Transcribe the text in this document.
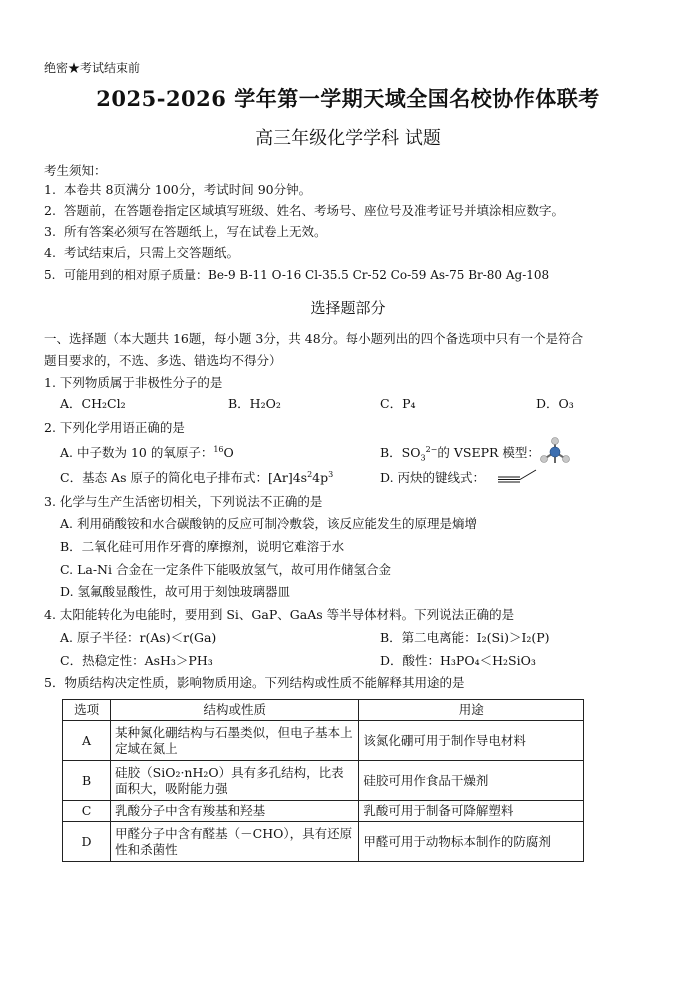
绝密★考试结束前
2025-2026 学年第一学期天域全国名校协作体联考
高三年级化学学科 试题
考生须知：
1. 本卷共 8页满分 100分，考试时间 90分钟。
2. 答题前，在答题卷指定区域填写班级、姓名、考场号、座位号及准考证号并填涂相应数字。
3. 所有答案必须写在答题纸上，写在试卷上无效。
4. 考试结束后，只需上交答题纸。
5. 可能用到的相对原子质量：Be-9 B-11 O-16 Cl-35.5 Cr-52 Co-59 As-75 Br-80 Ag-108
选择题部分
一、选择题（本大题共 16题，每小题 3分，共 48分。每小题列出的四个备选项中只有一个是符合
题目要求的，不选、多选、错选均不得分）
1. 下列物质属于非极性分子的是
A．CH₂Cl₂	B．H₂O₂	C．P₄	D．O₃
2. 下列化学用语正确的是
A. 中子数为 10 的氧原子：$^{16}$O	B．$SO_3^{2-}$的 VSEPR 模型：
C．基态 As 原子的简化电子排布式：$[Ar]4s^24p^3$	D. 丙炔的键线式：
3. 化学与生产生活密切相关，下列说法不正确的是
A. 利用硝酸铵和水合碳酸钠的反应可制冷敷袋，该反应能发生的原理是熵增
B．二氧化硅可用作牙膏的摩擦剂，说明它难溶于水
C. La-Ni 合金在一定条件下能吸放氢气，故可用作储氢合金
D. 氢氟酸显酸性，故可用于刻蚀玻璃器皿
4. 太阳能转化为电能时，要用到 Si、GaP、GaAs 等半导体材料。下列说法正确的是
A. 原子半径：r(As)＜r(Ga)	B．第二电离能：I₂(Si)＞I₂(P)
C．热稳定性：AsH₃＞PH₃	D．酸性：H₃PO₄＜H₂SiO₃
5．物质结构决定性质，影响物质用途。下列结构或性质不能解释其用途的是
选项	结构或性质	用途
A	某种氮化硼结构与石墨类似，但电子基本上定域在氮上	该氮化硼可用于制作导电材料
B	硅胶（SiO₂·nH₂O）具有多孔结构，比表面积大，吸附能力强	硅胶可用作食品干燥剂
C	乳酸分子中含有羧基和羟基	乳酸可用于制备可降解塑料
D	甲醛分子中含有醛基（－CHO），具有还原性和杀菌性	甲醛可用于动物标本制作的防腐剂
